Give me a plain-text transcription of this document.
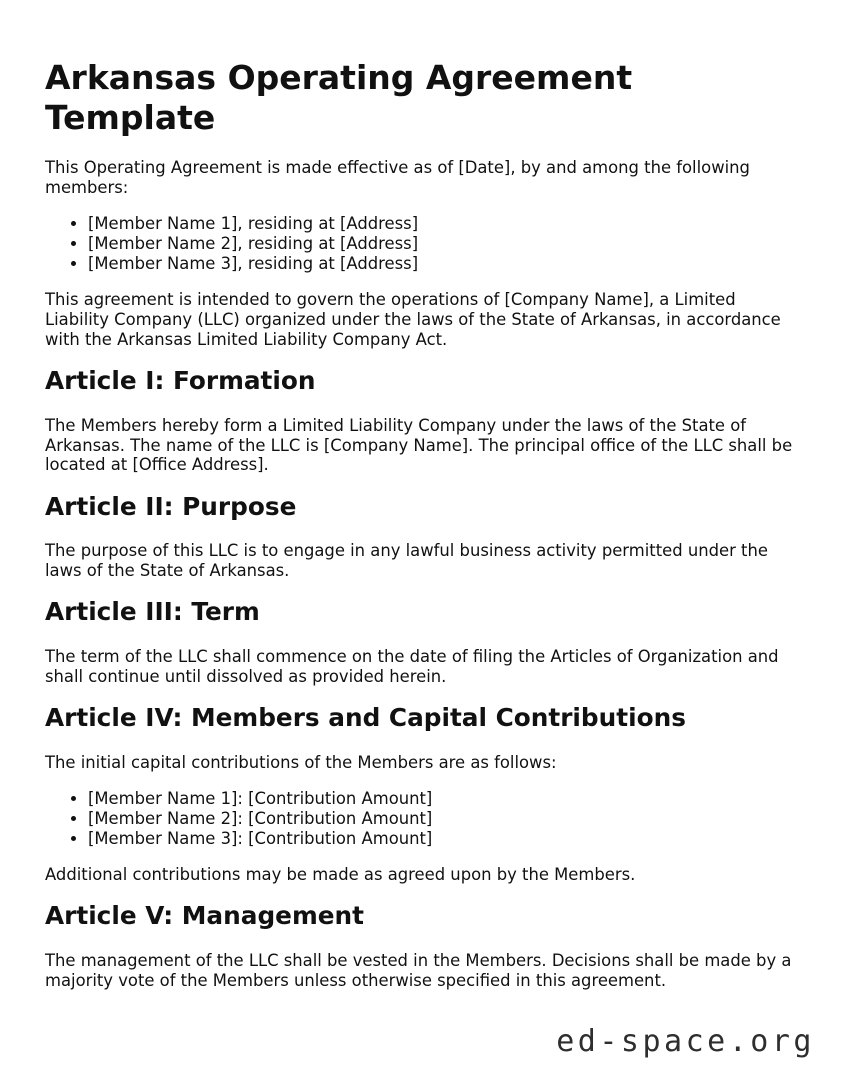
Arkansas Operating Agreement Template

This Operating Agreement is made effective as of [Date], by and among the following members:

• [Member Name 1], residing at [Address]
• [Member Name 2], residing at [Address]
• [Member Name 3], residing at [Address]

This agreement is intended to govern the operations of [Company Name], a Limited Liability Company (LLC) organized under the laws of the State of Arkansas, in accordance with the Arkansas Limited Liability Company Act.

Article I: Formation

The Members hereby form a Limited Liability Company under the laws of the State of Arkansas. The name of the LLC is [Company Name]. The principal office of the LLC shall be located at [Office Address].

Article II: Purpose

The purpose of this LLC is to engage in any lawful business activity permitted under the laws of the State of Arkansas.

Article III: Term

The term of the LLC shall commence on the date of filing the Articles of Organization and shall continue until dissolved as provided herein.

Article IV: Members and Capital Contributions

The initial capital contributions of the Members are as follows:

• [Member Name 1]: [Contribution Amount]
• [Member Name 2]: [Contribution Amount]
• [Member Name 3]: [Contribution Amount]

Additional contributions may be made as agreed upon by the Members.

Article V: Management

The management of the LLC shall be vested in the Members. Decisions shall be made by a majority vote of the Members unless otherwise specified in this agreement.

ed-space.org
